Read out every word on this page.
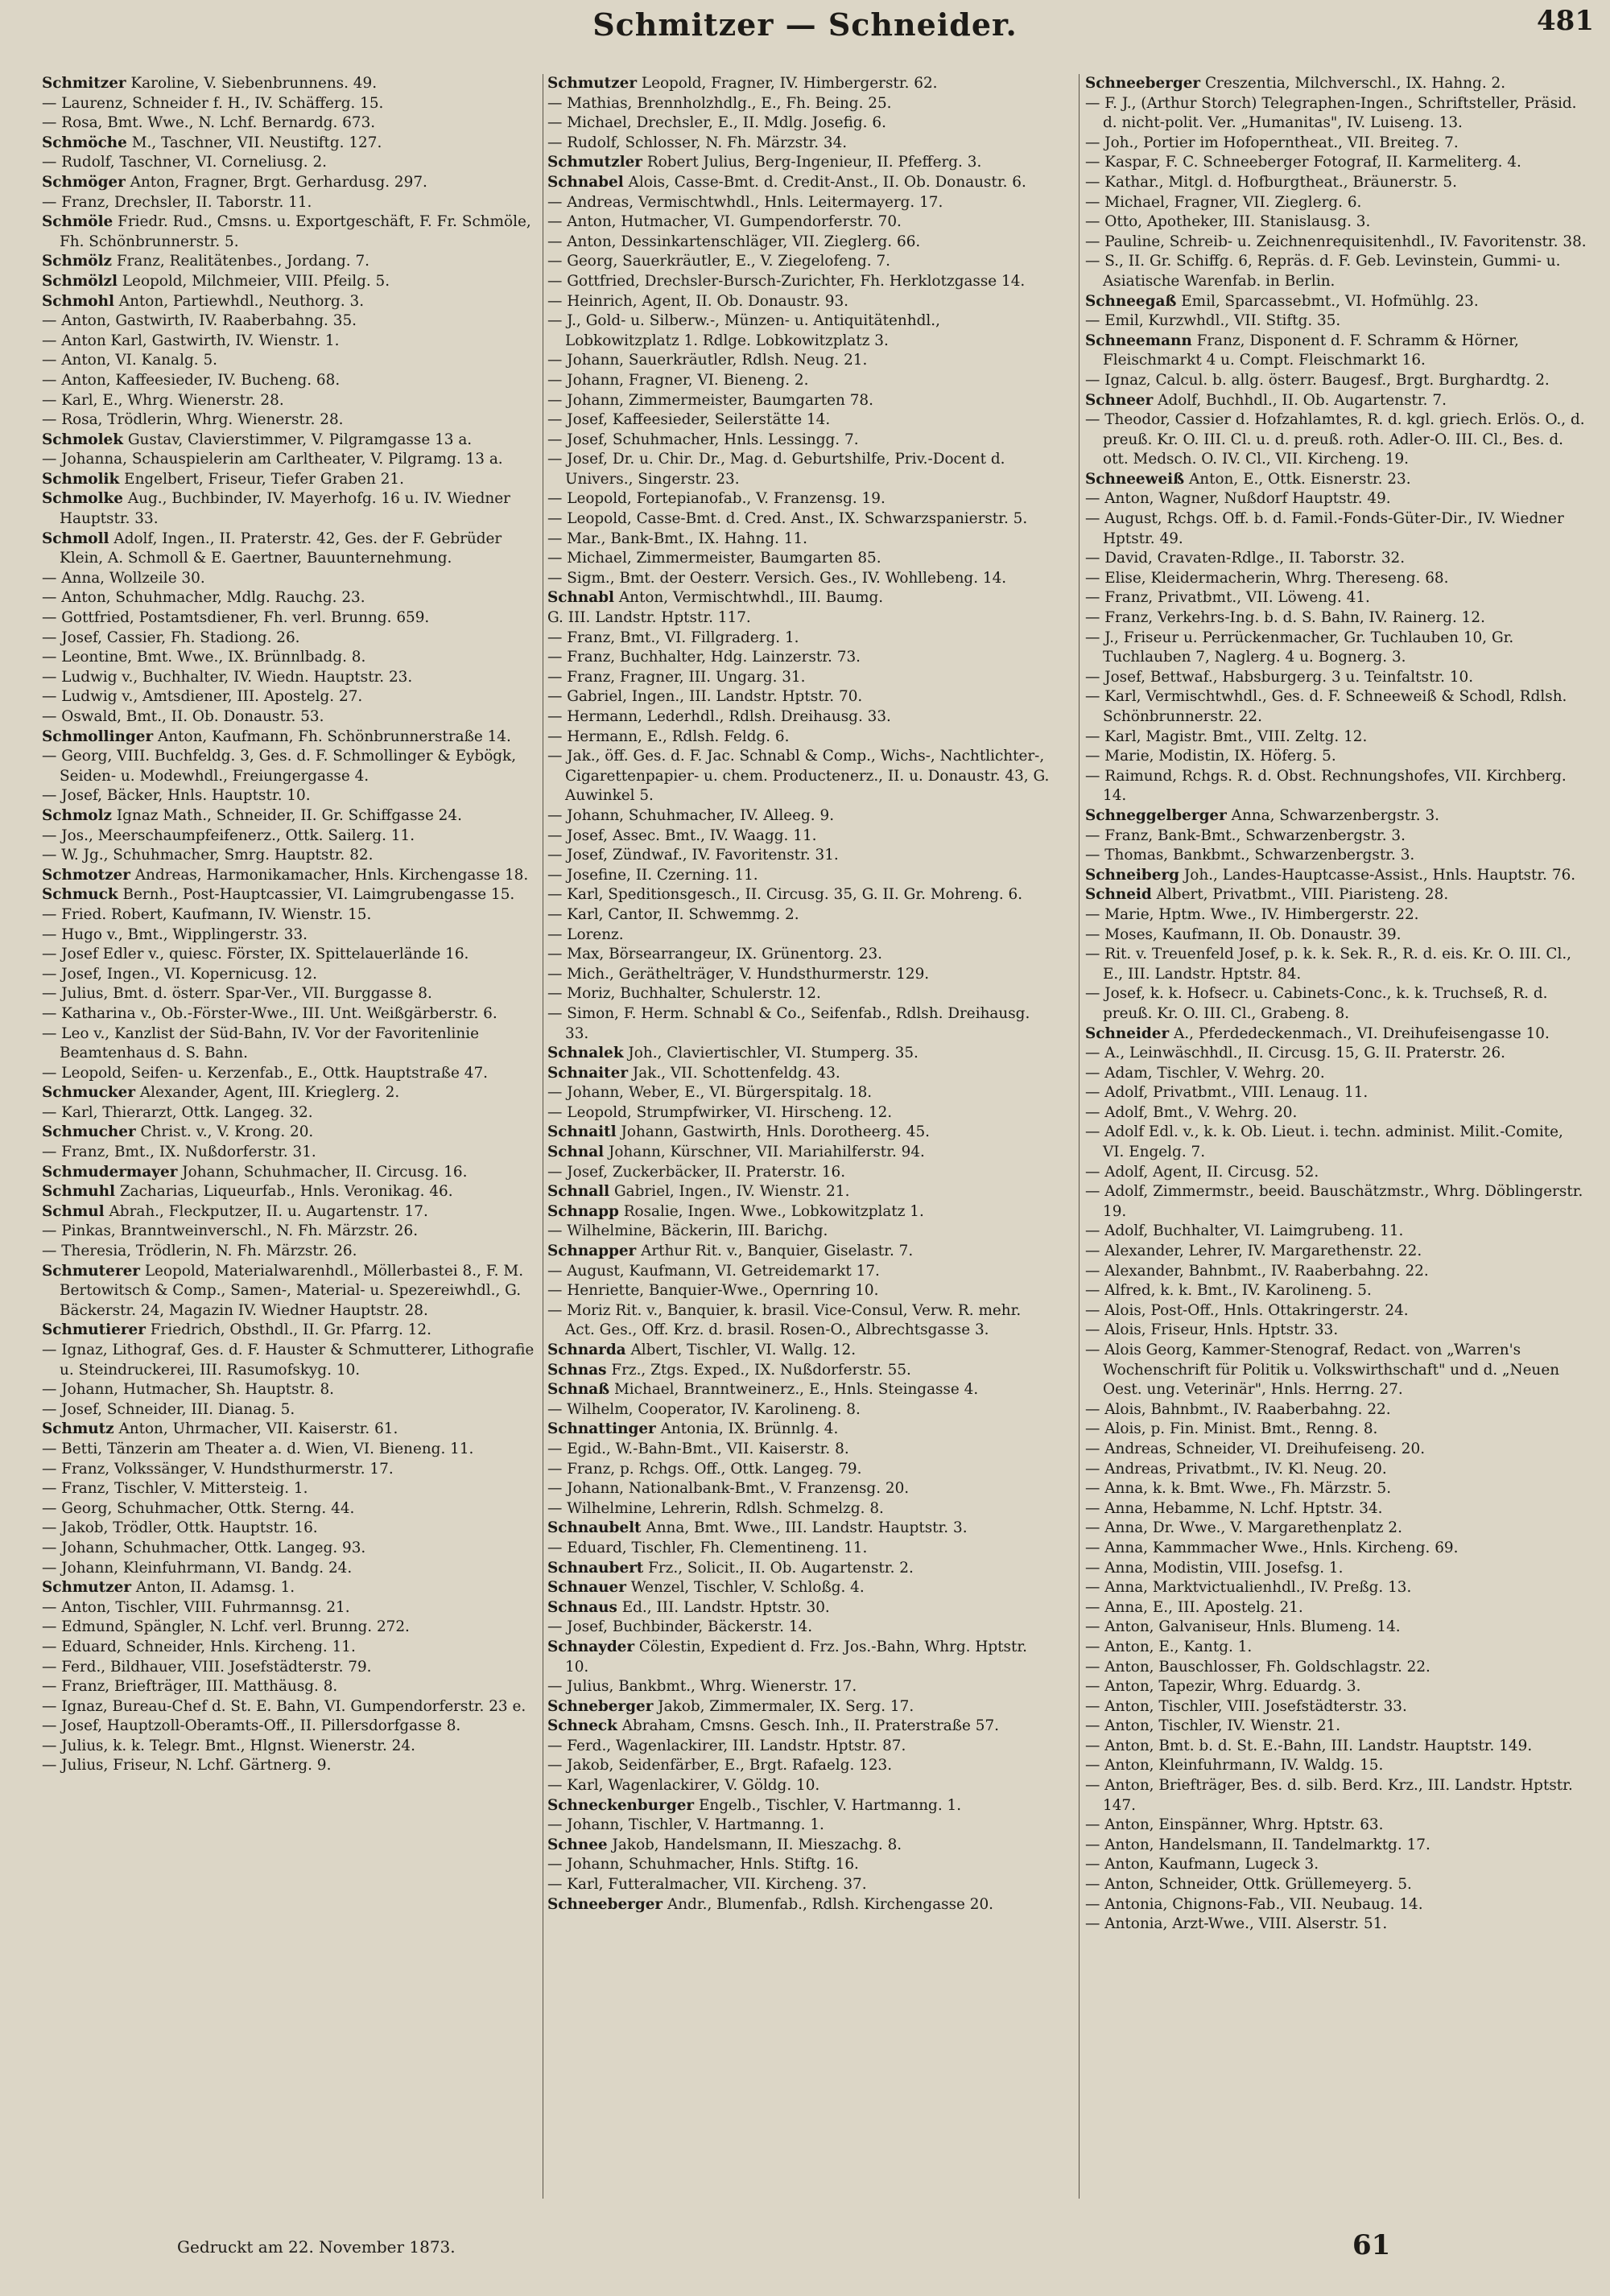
Schmitzer — Schneider.	481

Schmitzer Karoline, V. Siebenbrunnens. 49.

— Laurenz, Schneider f. H., IV. Schäfferg. 15.

— Rosa, Bmt. Wwe., N. Lchf. Bernardg. 673.

Schmöche M., Taschner, VII. Neustiftg. 127.

— Rudolf, Taschner, VI. Corneliusg. 2.

Schmöger Anton, Fragner, Brgt. Gerhardusg. 297.

— Franz, Drechsler, II. Taborstr. 11.

Schmöle Friedr. Rud., Cmsns. u. Exportgeschäft, F. Fr. Schmöle, Fh. Schönbrunnerstr. 5.

Schmölz Franz, Realitätenbes., Jordang. 7.

Schmölzl Leopold, Milchmeier, VIII. Pfeilg. 5.

Schmohl Anton, Partiewhdl., Neuthorg. 3.

— Anton, Gastwirth, IV. Raaberbahng. 35.

— Anton Karl, Gastwirth, IV. Wienstr. 1.

— Anton, VI. Kanalg. 5.

— Anton, Kaffeesieder, IV. Bucheng. 68.

— Karl, E., Whrg. Wienerstr. 28.

— Rosa, Trödlerin, Whrg. Wienerstr. 28.

Schmolek Gustav, Clavierstimmer, V. Pilgramgasse 13 a.

— Johanna, Schauspielerin am Carltheater, V. Pilgramg. 13 a.

Schmolik Engelbert, Friseur, Tiefer Graben 21.

Schmolke Aug., Buchbinder, IV. Mayerhofg. 16 u. IV. Wiedner Hauptstr. 33.

Schmoll Adolf, Ingen., II. Praterstr. 42, Ges. der F. Gebrüder Klein, A. Schmoll & E. Gaertner, Bauunternehmung.

— Anna, Wollzeile 30.

— Anton, Schuhmacher, Mdlg. Rauchg. 23.

— Gottfried, Postamtsdiener, Fh. verl. Brunng. 659.

— Josef, Cassier, Fh. Stadiong. 26.

— Leontine, Bmt. Wwe., IX. Brünnlbadg. 8.

— Ludwig v., Buchhalter, IV. Wiedn. Hauptstr. 23.

— Ludwig v., Amtsdiener, III. Apostelg. 27.

— Oswald, Bmt., II. Ob. Donaustr. 53.

Schmollinger Anton, Kaufmann, Fh. Schönbrunnerstraße 14.

— Georg, VIII. Buchfeldg. 3, Ges. d. F. Schmollinger & Eybögk, Seiden- u. Modewhdl., Freiungergasse 4.

— Josef, Bäcker, Hnls. Hauptstr. 10.

Schmolz Ignaz Math., Schneider, II. Gr. Schiffgasse 24.

— Jos., Meerschaumpfeifenerz., Ottk. Sailerg. 11.

— W. Jg., Schuhmacher, Smrg. Hauptstr. 82.

Schmotzer Andreas, Harmonikamacher, Hnls. Kirchengasse 18.

Schmuck Bernh., Post-Hauptcassier, VI. Laimgrubengasse 15.

— Fried. Robert, Kaufmann, IV. Wienstr. 15.

— Hugo v., Bmt., Wipplingerstr. 33.

— Josef Edler v., quiesc. Förster, IX. Spittelauerlände 16.

— Josef, Ingen., VI. Kopernicusg. 12.

— Julius, Bmt. d. österr. Spar-Ver., VII. Burggasse 8.

— Katharina v., Ob.-Förster-Wwe., III. Unt. Weißgärberstr. 6.

— Leo v., Kanzlist der Süd-Bahn, IV. Vor der Favoritenlinie Beamtenhaus d. S. Bahn.

— Leopold, Seifen- u. Kerzenfab., E., Ottk. Hauptstraße 47.

Schmucker Alexander, Agent, III. Krieglerg. 2.

— Karl, Thierarzt, Ottk. Langeg. 32.

Schmucher Christ. v., V. Krong. 20.

— Franz, Bmt., IX. Nußdorferstr. 31.

Schmudermayer Johann, Schuhmacher, II. Circusg. 16.

Schmuhl Zacharias, Liqueurfab., Hnls. Veronikag. 46.

Schmul Abrah., Fleckputzer, II. u. Augartenstr. 17.

— Pinkas, Branntweinverschl., N. Fh. Märzstr. 26.

— Theresia, Trödlerin, N. Fh. Märzstr. 26.

Schmuterer Leopold, Materialwarenhdl., Möllerbastei 8., F. M. Bertowitsch & Comp., Samen-, Material- u. Spezereiwhdl., G. Bäckerstr. 24, Magazin IV. Wiedner Hauptstr. 28.

Schmutierer Friedrich, Obsthdl., II. Gr. Pfarrg. 12.

— Ignaz, Lithograf, Ges. d. F. Hauster & Schmutterer, Lithografie u. Steindruckerei, III. Rasumofskyg. 10.

— Johann, Hutmacher, Sh. Hauptstr. 8.

— Josef, Schneider, III. Dianag. 5.

Schmutz Anton, Uhrmacher, VII. Kaiserstr. 61.

— Betti, Tänzerin am Theater a. d. Wien, VI. Bieneng. 11.

— Franz, Volkssänger, V. Hundsthurmerstr. 17.

— Franz, Tischler, V. Mittersteig. 1.

— Georg, Schuhmacher, Ottk. Sterng. 44.

— Jakob, Trödler, Ottk. Hauptstr. 16.

— Johann, Schuhmacher, Ottk. Langeg. 93.

— Johann, Kleinfuhrmann, VI. Bandg. 24.

Schmutzer Anton, II. Adamsg. 1.

— Anton, Tischler, VIII. Fuhrmannsg. 21.

— Edmund, Spängler, N. Lchf. verl. Brunng. 272.

— Eduard, Schneider, Hnls. Kircheng. 11.

— Ferd., Bildhauer, VIII. Josefstädterstr. 79.

— Franz, Briefträger, III. Matthäusg. 8.

— Ignaz, Bureau-Chef d. St. E. Bahn, VI. Gumpendorferstr. 23 e.

— Josef, Hauptzoll-Oberamts-Off., II. Pillersdorfgasse 8.

— Julius, k. k. Telegr. Bmt., Hlgnst. Wienerstr. 24.

— Julius, Friseur, N. Lchf. Gärtnerg. 9.

Schmutzer Leopold, Fragner, IV. Himbergerstr. 62.

— Mathias, Brennholzhdlg., E., Fh. Being. 25.

— Michael, Drechsler, E., II. Mdlg. Josefig. 6.

— Rudolf, Schlosser, N. Fh. Märzstr. 34.

Schmutzler Robert Julius, Berg-Ingenieur, II. Pfefferg. 3.

Schnabel Alois, Casse-Bmt. d. Credit-Anst., II. Ob. Donaustr. 6.

— Andreas, Vermischtwhdl., Hnls. Leitermayerg. 17.

— Anton, Hutmacher, VI. Gumpendorferstr. 70.

— Anton, Dessinkartenschläger, VII. Zieglerg. 66.

— Georg, Sauerkräutler, E., V. Ziegelofeng. 7.

— Gottfried, Drechsler-Bursch-Zurichter, Fh. Herklotzgasse 14.

— Heinrich, Agent, II. Ob. Donaustr. 93.

— J., Gold- u. Silberw.-, Münzen- u. Antiquitätenhdl., Lobkowitzplatz 1. Rdlge. Lobkowitzplatz 3.

— Johann, Sauerkräutler, Rdlsh. Neug. 21.

— Johann, Fragner, VI. Bieneng. 2.

— Johann, Zimmermeister, Baumgarten 78.

— Josef, Kaffeesieder, Seilerstätte 14.

— Josef, Schuhmacher, Hnls. Lessingg. 7.

— Josef, Dr. u. Chir. Dr., Mag. d. Geburtshilfe, Priv.-Docent d. Univers., Singerstr. 23.

— Leopold, Fortepianofab., V. Franzensg. 19.

— Leopold, Casse-Bmt. d. Cred. Anst., IX. Schwarzspanierstr. 5.

— Mar., Bank-Bmt., IX. Hahng. 11.

— Michael, Zimmermeister, Baumgarten 85.

— Sigm., Bmt. der Oesterr. Versich. Ges., IV. Wohllebeng. 14.

Schnabl Anton, Vermischtwhdl., III. Baumg.

G. III. Landstr. Hptstr. 117.

— Franz, Bmt., VI. Fillgraderg. 1.

— Franz, Buchhalter, Hdg. Lainzerstr. 73.

— Franz, Fragner, III. Ungarg. 31.

— Gabriel, Ingen., III. Landstr. Hptstr. 70.

— Hermann, Lederhdl., Rdlsh. Dreihausg. 33.

— Hermann, E., Rdlsh. Feldg. 6.

— Jak., öff. Ges. d. F. Jac. Schnabl & Comp., Wichs-, Nachtlichter-, Cigarettenpapier- u. chem. Productenerz., II. u. Donaustr. 43, G. Auwinkel 5.

— Johann, Schuhmacher, IV. Alleeg. 9.

— Josef, Assec. Bmt., IV. Waagg. 11.

— Josef, Zündwaf., IV. Favoritenstr. 31.

— Josefine, II. Czerning. 11.

— Karl, Speditionsgesch., II. Circusg. 35, G. II. Gr. Mohreng. 6.

— Karl, Cantor, II. Schwemmg. 2.

— Lorenz.

— Max, Börsearrangeur, IX. Grünentorg. 23.

— Mich., Geräthelträger, V. Hundsthurmerstr. 129.

— Moriz, Buchhalter, Schulerstr. 12.

— Simon, F. Herm. Schnabl & Co., Seifenfab., Rdlsh. Dreihausg. 33.

Schnalek Joh., Claviertischler, VI. Stumperg. 35.

Schnaiter Jak., VII. Schottenfeldg. 43.

— Johann, Weber, E., VI. Bürgerspitalg. 18.

— Leopold, Strumpfwirker, VI. Hirscheng. 12.

Schnaitl Johann, Gastwirth, Hnls. Dorotheerg. 45.

Schnal Johann, Kürschner, VII. Mariahilferstr. 94.

— Josef, Zuckerbäcker, II. Praterstr. 16.

Schnall Gabriel, Ingen., IV. Wienstr. 21.

Schnapp Rosalie, Ingen. Wwe., Lobkowitzplatz 1.

— Wilhelmine, Bäckerin, III. Barichg.

Schnapper Arthur Rit. v., Banquier, Giselastr. 7.

— August, Kaufmann, VI. Getreidemarkt 17.

— Henriette, Banquier-Wwe., Opernring 10.

— Moriz Rit. v., Banquier, k. brasil. Vice-Consul, Verw. R. mehr. Act. Ges., Off. Krz. d. brasil. Rosen-O., Albrechtsgasse 3.

Schnarda Albert, Tischler, VI. Wallg. 12.

Schnas Frz., Ztgs. Exped., IX. Nußdorferstr. 55.

Schnaß Michael, Branntweinerz., E., Hnls. Steingasse 4.

— Wilhelm, Cooperator, IV. Karolineng. 8.

Schnattinger Antonia, IX. Brünnlg. 4.

— Egid., W.-Bahn-Bmt., VII. Kaiserstr. 8.

— Franz, p. Rchgs. Off., Ottk. Langeg. 79.

— Johann, Nationalbank-Bmt., V. Franzensg. 20.

— Wilhelmine, Lehrerin, Rdlsh. Schmelzg. 8.

Schnaubelt Anna, Bmt. Wwe., III. Landstr. Hauptstr. 3.

— Eduard, Tischler, Fh. Clementineng. 11.

Schnaubert Frz., Solicit., II. Ob. Augartenstr. 2.

Schnauer Wenzel, Tischler, V. Schloßg. 4.

Schnaus Ed., III. Landstr. Hptstr. 30.

— Josef, Buchbinder, Bäckerstr. 14.

Schnayder Cölestin, Expedient d. Frz. Jos.-Bahn, Whrg. Hptstr. 10.

— Julius, Bankbmt., Whrg. Wienerstr. 17.

Schneberger Jakob, Zimmermaler, IX. Serg. 17.

Schneck Abraham, Cmsns. Gesch. Inh., II. Praterstraße 57.

— Ferd., Wagenlackirer, III. Landstr. Hptstr. 87.

— Jakob, Seidenfärber, E., Brgt. Rafaelg. 123.

— Karl, Wagenlackirer, V. Göldg. 10.

Schneckenburger Engelb., Tischler, V. Hartmanng. 1.

— Johann, Tischler, V. Hartmanng. 1.

Schnee Jakob, Handelsmann, II. Mieszachg. 8.

— Johann, Schuhmacher, Hnls. Stiftg. 16.

— Karl, Futteralmacher, VII. Kircheng. 37.

Schneeberger Andr., Blumenfab., Rdlsh. Kirchengasse 20.

Schneeberger Creszentia, Milchverschl., IX. Hahng. 2.

— F. J., (Arthur Storch) Telegraphen-Ingen., Schriftsteller, Präsid. d. nicht-polit. Ver. „Humanitas", IV. Luiseng. 13.

— Joh., Portier im Hofoperntheat., VII. Breiteg. 7.

— Kaspar, F. C. Schneeberger Fotograf, II. Karmeliterg. 4.

— Kathar., Mitgl. d. Hofburgtheat., Bräunerstr. 5.

— Michael, Fragner, VII. Zieglerg. 6.

— Otto, Apotheker, III. Stanislausg. 3.

— Pauline, Schreib- u. Zeichnenrequisitenhdl., IV. Favoritenstr. 38.

— S., II. Gr. Schiffg. 6, Repräs. d. F. Geb. Levinstein, Gummi- u. Asiatische Warenfab. in Berlin.

Schneegaß Emil, Sparcassebmt., VI. Hofmühlg. 23.

— Emil, Kurzwhdl., VII. Stiftg. 35.

Schneemann Franz, Disponent d. F. Schramm & Hörner, Fleischmarkt 4 u. Compt. Fleischmarkt 16.

— Ignaz, Calcul. b. allg. österr. Baugesf., Brgt. Burghardtg. 2.

Schneer Adolf, Buchhdl., II. Ob. Augartenstr. 7.

— Theodor, Cassier d. Hofzahlamtes, R. d. kgl. griech. Erlös. O., d. preuß. Kr. O. III. Cl. u. d. preuß. roth. Adler-O. III. Cl., Bes. d. ott. Medsch. O. IV. Cl., VII. Kircheng. 19.

Schneeweiß Anton, E., Ottk. Eisnerstr. 23.

— Anton, Wagner, Nußdorf Hauptstr. 49.

— August, Rchgs. Off. b. d. Famil.-Fonds-Güter-Dir., IV. Wiedner Hptstr. 49.

— David, Cravaten-Rdlge., II. Taborstr. 32.

— Elise, Kleidermacherin, Whrg. Thereseng. 68.

— Franz, Privatbmt., VII. Löweng. 41.

— Franz, Verkehrs-Ing. b. d. S. Bahn, IV. Rainerg. 12.

— J., Friseur u. Perrückenmacher, Gr. Tuchlauben 10, Gr. Tuchlauben 7, Naglerg. 4 u. Bognerg. 3.

— Josef, Bettwaf., Habsburgerg. 3 u. Teinfaltstr. 10.

— Karl, Vermischtwhdl., Ges. d. F. Schneeweiß & Schodl, Rdlsh. Schönbrunnerstr. 22.

— Karl, Magistr. Bmt., VIII. Zeltg. 12.

— Marie, Modistin, IX. Höferg. 5.

— Raimund, Rchgs. R. d. Obst. Rechnungshofes, VII. Kirchberg. 14.

Schneggelberger Anna, Schwarzenbergstr. 3.

— Franz, Bank-Bmt., Schwarzenbergstr. 3.

— Thomas, Bankbmt., Schwarzenbergstr. 3.

Schneiberg Joh., Landes-Hauptcasse-Assist., Hnls. Hauptstr. 76.

Schneid Albert, Privatbmt., VIII. Piaristeng. 28.

— Marie, Hptm. Wwe., IV. Himbergerstr. 22.

— Moses, Kaufmann, II. Ob. Donaustr. 39.

— Rit. v. Treuenfeld Josef, p. k. k. Sek. R., R. d. eis. Kr. O. III. Cl., E., III. Landstr. Hptstr. 84.

— Josef, k. k. Hofsecr. u. Cabinets-Conc., k. k. Truchseß, R. d. preuß. Kr. O. III. Cl., Grabeng. 8.

Schneider A., Pferdedeckenmach., VI. Dreihufeisengasse 10.

— A., Leinwäschhdl., II. Circusg. 15, G. II. Praterstr. 26.

— Adam, Tischler, V. Wehrg. 20.

— Adolf, Privatbmt., VIII. Lenaug. 11.

— Adolf, Bmt., V. Wehrg. 20.

— Adolf Edl. v., k. k. Ob. Lieut. i. techn. administ. Milit.-Comite, VI. Engelg. 7.

— Adolf, Agent, II. Circusg. 52.

— Adolf, Zimmermstr., beeid. Bauschätzmstr., Whrg. Döblingerstr. 19.

— Adolf, Buchhalter, VI. Laimgrubeng. 11.

— Alexander, Lehrer, IV. Margarethenstr. 22.

— Alexander, Bahnbmt., IV. Raaberbahng. 22.

— Alfred, k. k. Bmt., IV. Karolineng. 5.

— Alois, Post-Off., Hnls. Ottakringerstr. 24.

— Alois, Friseur, Hnls. Hptstr. 33.

— Alois Georg, Kammer-Stenograf, Redact. von „Warren's Wochenschrift für Politik u. Volkswirthschaft" und d. „Neuen Oest. ung. Veterinär", Hnls. Herrng. 27.

— Alois, Bahnbmt., IV. Raaberbahng. 22.

— Alois, p. Fin. Minist. Bmt., Renng. 8.

— Andreas, Schneider, VI. Dreihufeiseng. 20.

— Andreas, Privatbmt., IV. Kl. Neug. 20.

— Anna, k. k. Bmt. Wwe., Fh. Märzstr. 5.

— Anna, Hebamme, N. Lchf. Hptstr. 34.

— Anna, Dr. Wwe., V. Margarethenplatz 2.

— Anna, Kammmacher Wwe., Hnls. Kircheng. 69.

— Anna, Modistin, VIII. Josefsg. 1.

— Anna, Marktvictualienhdl., IV. Preßg. 13.

— Anna, E., III. Apostelg. 21.

— Anton, Galvaniseur, Hnls. Blumeng. 14.

— Anton, E., Kantg. 1.

— Anton, Bauschlosser, Fh. Goldschlagstr. 22.

— Anton, Tapezir, Whrg. Eduardg. 3.

— Anton, Tischler, VIII. Josefstädterstr. 33.

— Anton, Tischler, IV. Wienstr. 21.

— Anton, Bmt. b. d. St. E.-Bahn, III. Landstr. Hauptstr. 149.

— Anton, Kleinfuhrmann, IV. Waldg. 15.

— Anton, Briefträger, Bes. d. silb. Berd. Krz., III. Landstr. Hptstr. 147.

— Anton, Einspänner, Whrg. Hptstr. 63.

— Anton, Handelsmann, II. Tandelmarktg. 17.

— Anton, Kaufmann, Lugeck 3.

— Anton, Schneider, Ottk. Grüllemeyerg. 5.

— Antonia, Chignons-Fab., VII. Neubaug. 14.

— Antonia, Arzt-Wwe., VIII. Alserstr. 51.

Gedruckt am 22. November 1873.	61
